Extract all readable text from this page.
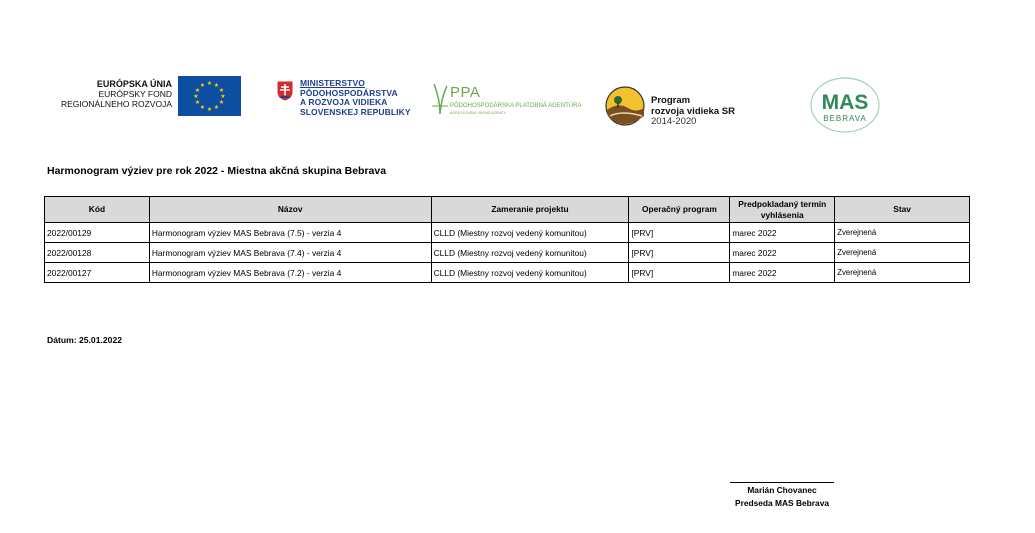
EURÓPSKA ÚNIA
EURÓPSKY FOND
REGIONÁLNEHO ROZVOJA
★ ★
★
★
★
★
★
★
★
★
★
★	MINISTERSTVO
PÔDOHOSPODÁRSTVA
A ROZVOJA VIDIEKA
SLOVENSKEJ REPUBLIKY
PPA
PÔDOHOSPODÁRSKA PLATOBNÁ AGENTÚRA
AGRICULTURAL PAYING AGENCY
Program
rozvoja vidieka SR
2014-2020
MAS
BEBRAVA
Harmonogram výziev pre rok 2022 - Miestna akčná skupina Bebrava
Kód	Názov	Zameranie projektu	Operačný program	Predpokladaný termín vyhlásenia	Stav
2022/00129	Harmonogram výziev MAS Bebrava (7.5) - verzia 4	CLLD (Miestny rozvoj vedený komunitou)	[PRV]	marec 2022	Zverejnená
2022/00128	Harmonogram výziev MAS Bebrava (7.4) - verzia 4	CLLD (Miestny rozvoj vedený komunitou)	[PRV]	marec 2022	Zverejnená
2022/00127	Harmonogram výziev MAS Bebrava (7.2) - verzia 4	CLLD (Miestny rozvoj vedený komunitou)	[PRV]	marec 2022	Zverejnená
Dátum: 25.01.2022
Marián Chovanec
Predseda MAS Bebrava
